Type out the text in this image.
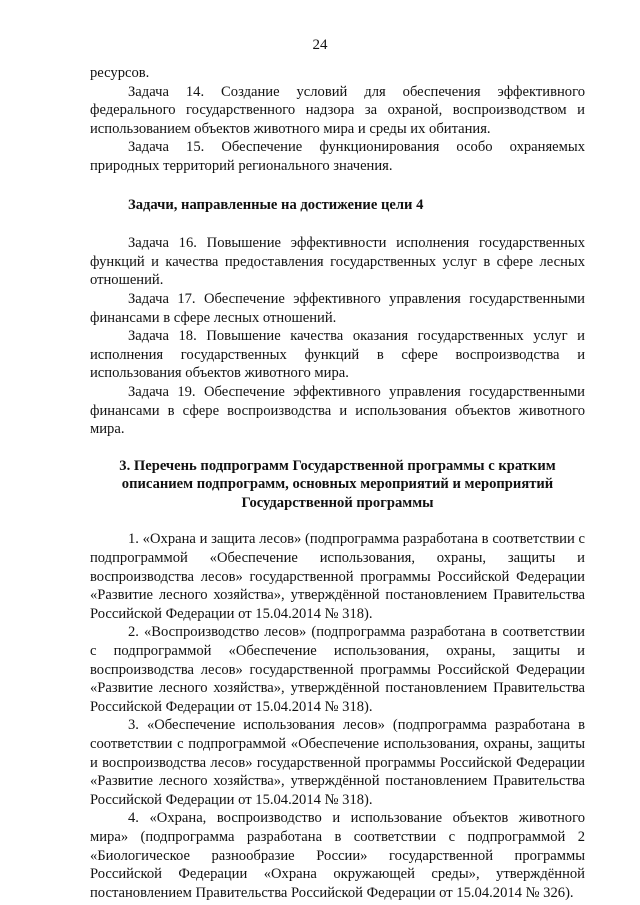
24

ресурсов.

Задача 14. Создание условий для обеспечения эффективного федерального государственного надзора за охраной, воспроизводством и использованием объектов животного мира и среды их обитания.

Задача 15. Обеспечение функционирования особо охраняемых природных территорий регионального значения.

Задачи, направленные на достижение цели 4

Задача 16. Повышение эффективности исполнения государственных функций и качества предоставления государственных услуг в сфере лесных отношений.

Задача 17. Обеспечение эффективного управления государственными финансами в сфере лесных отношений.

Задача 18. Повышение качества оказания государственных услуг и исполнения государственных функций в сфере воспроизводства и использования объектов животного мира.

Задача 19. Обеспечение эффективного управления государственными финансами в сфере воспроизводства и использования объектов животного мира.

3. Перечень подпрограмм Государственной программы с кратким описанием подпрограмм, основных мероприятий и мероприятий Государственной программы

1. «Охрана и защита лесов» (подпрограмма разработана в соответствии с подпрограммой «Обеспечение использования, охраны, защиты и воспроизводства лесов» государственной программы Российской Федерации «Развитие лесного хозяйства», утверждённой постановлением Правительства Российской Федерации от 15.04.2014 № 318).

2. «Воспроизводство лесов» (подпрограмма разработана в соответствии с подпрограммой «Обеспечение использования, охраны, защиты и воспроизводства лесов» государственной программы Российской Федерации «Развитие лесного хозяйства», утверждённой постановлением Правительства Российской Федерации от 15.04.2014 № 318).

3. «Обеспечение использования лесов» (подпрограмма разработана в соответствии с подпрограммой «Обеспечение использования, охраны, защиты и воспроизводства лесов» государственной программы Российской Федерации «Развитие лесного хозяйства», утверждённой постановлением Правительства Российской Федерации от 15.04.2014 № 318).

4. «Охрана, воспроизводство и использование объектов животного мира» (подпрограмма разработана в соответствии с подпрограммой 2 «Биологическое разнообразие России» государственной программы Российской Федерации «Охрана окружающей среды», утверждённой постановлением Правительства Российской Федерации от 15.04.2014 № 326).
